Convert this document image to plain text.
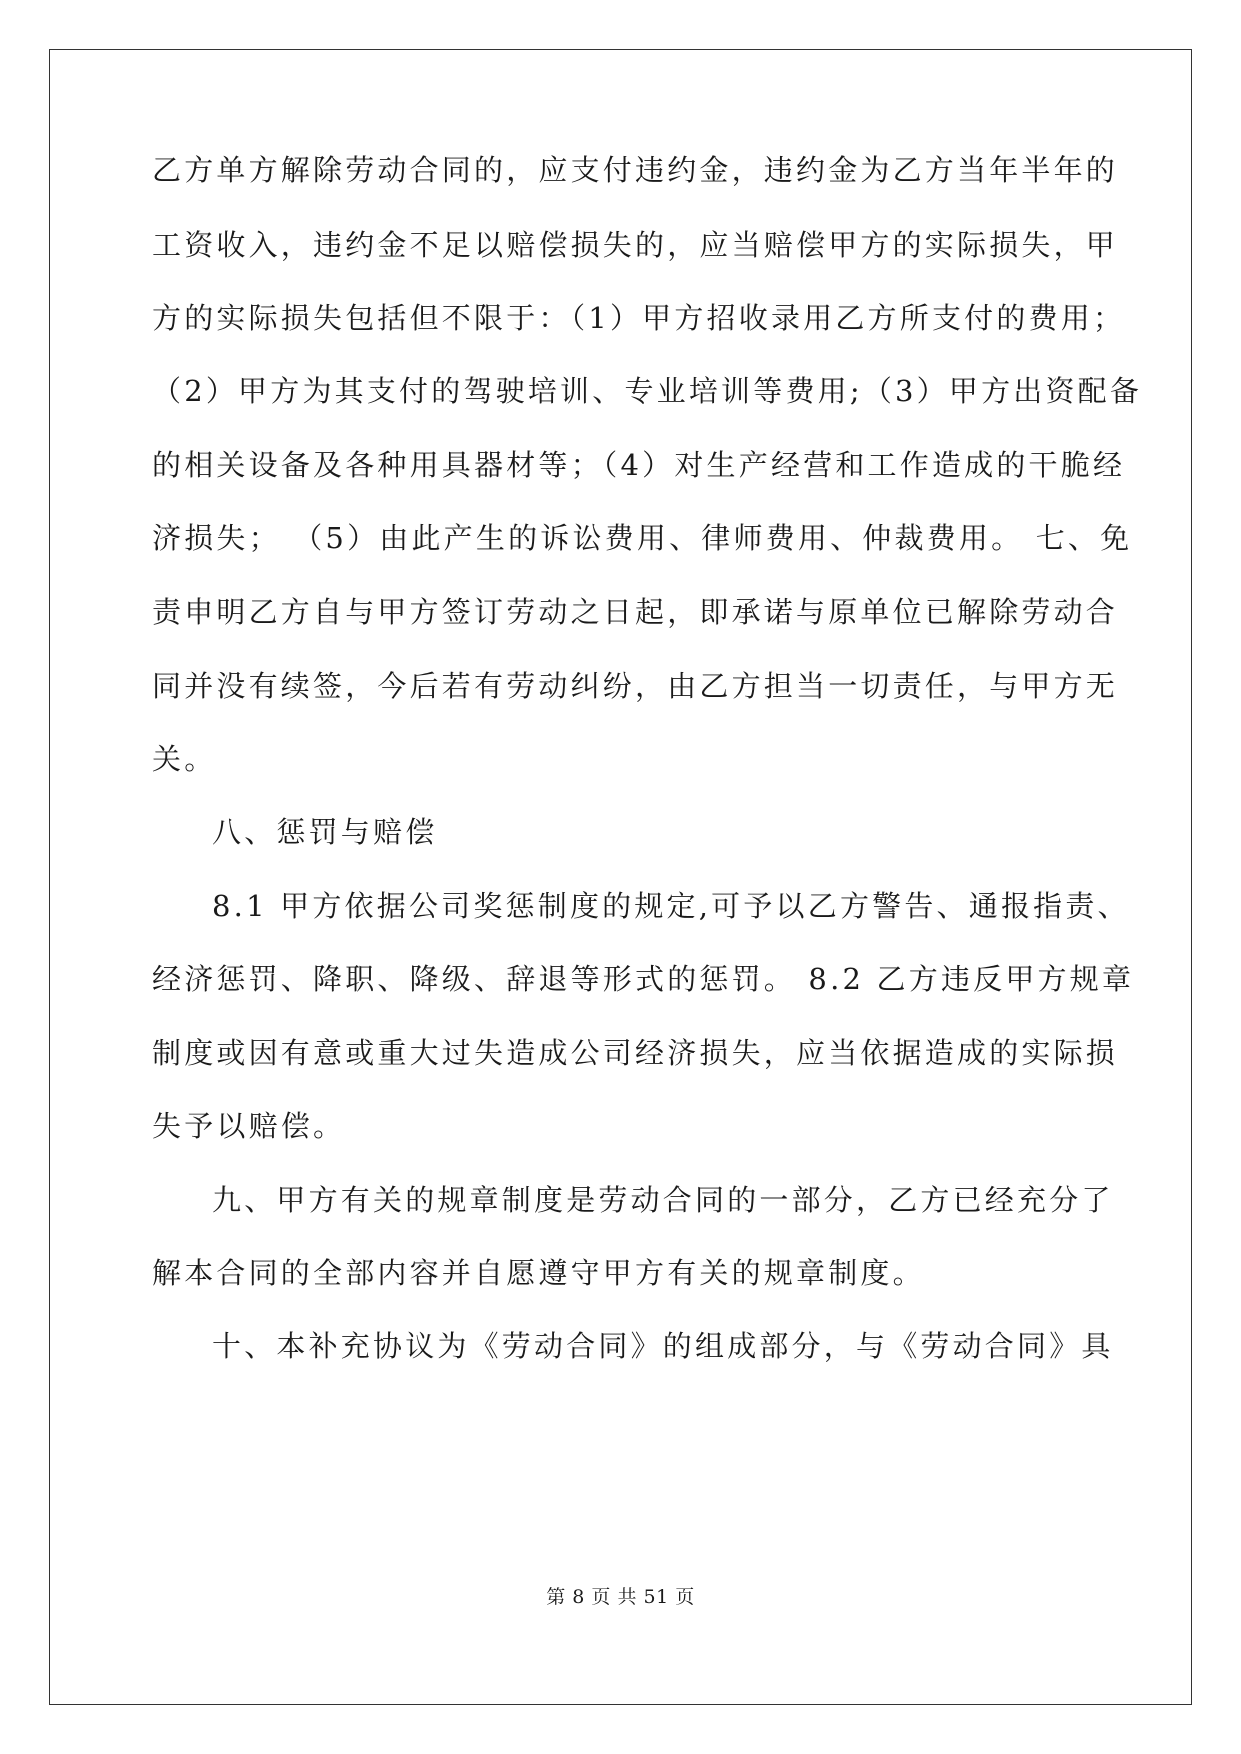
乙方单方解除劳动合同的，应支付违约金，违约金为乙方当年半年的
工资收入，违约金不足以赔偿损失的，应当赔偿甲方的实际损失，甲
方的实际损失包括但不限于：（1）甲方招收录用乙方所支付的费用；
（2）甲方为其支付的驾驶培训、专业培训等费用;（3）甲方出资配备
的相关设备及各种用具器材等；（4）对生产经营和工作造成的干脆经
济损失； （5）由此产生的诉讼费用、律师费用、仲裁费用。 七、免
责申明乙方自与甲方签订劳动之日起，即承诺与原单位已解除劳动合
同并没有续签，今后若有劳动纠纷，由乙方担当一切责任，与甲方无
关。
八、惩罚与赔偿
8.1 甲方依据公司奖惩制度的规定,可予以乙方警告、通报指责、
经济惩罚、降职、降级、辞退等形式的惩罚。 8.2 乙方违反甲方规章
制度或因有意或重大过失造成公司经济损失，应当依据造成的实际损
失予以赔偿。
九、甲方有关的规章制度是劳动合同的一部分，乙方已经充分了
解本合同的全部内容并自愿遵守甲方有关的规章制度。
十、本补充协议为《劳动合同》的组成部分，与《劳动合同》具
第 8 页 共 51 页
